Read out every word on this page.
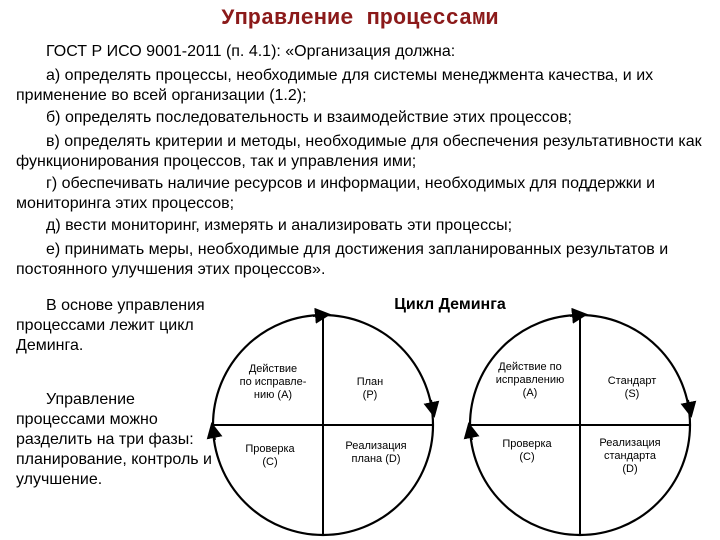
Управление процессами

ГОСТ Р ИСО 9001-2011 (п. 4.1): «Организация должна:

а) определять процессы, необходимые для системы менеджмента качества, и их применение во всей организации (1.2);

б) определять последовательность и взаимодействие этих процессов;

в) определять критерии и методы, необходимые для обеспечения результативности как функционирования процессов, так и управления ими;

г) обеспечивать наличие ресурсов и информации, необходимых для поддержки и мониторинга этих процессов;

д) вести мониторинг, измерять и анализировать эти процессы;

е) принимать меры, необходимые для достижения запланированных результатов и постоянного улучшения этих процессов».

В основе управления процессами лежит цикл Деминга.

Управление процессами можно разделить на три фазы: планирование, контроль и улучшение.

Цикл Деминга
Действие
по исправле-
нию (A)
План
(P)
Проверка
(C)
Реализация
плана (D)
Действие по
исправлению
(A)
Стандарт
(S)
Проверка
(C)
Реализация
стандарта
(D)
